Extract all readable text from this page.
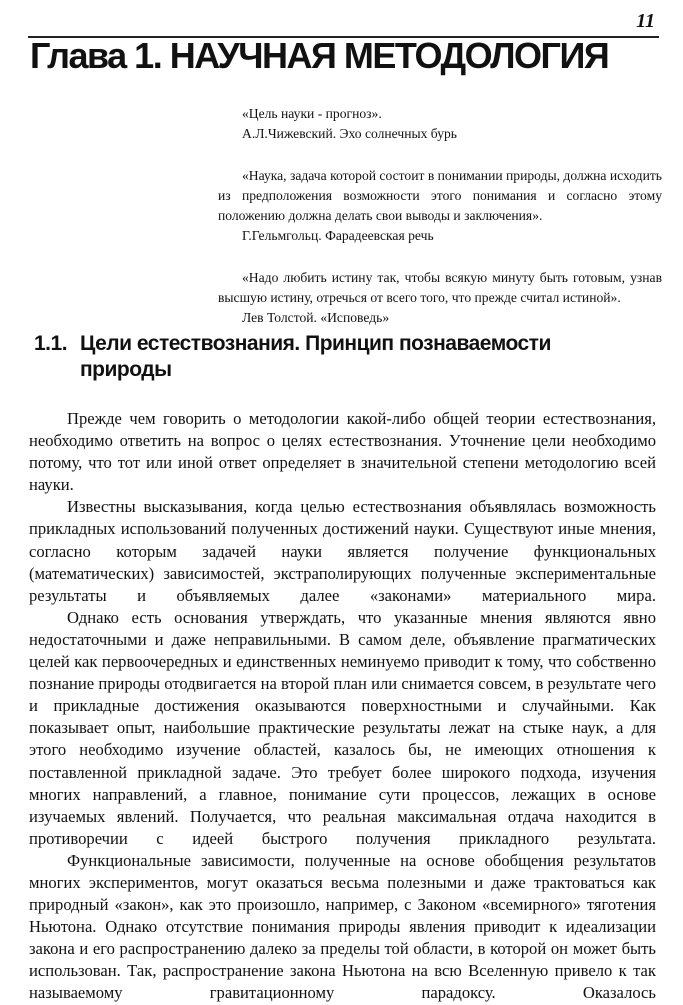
11
Глава 1. НАУЧНАЯ МЕТОДОЛОГИЯ

«Цель науки - прогноз».

А.Л.Чижевский. Эхо солнечных бурь

«Наука, задача которой состоит в понимании природы, должна исходить из предположения возможности этого понимания и согласно этому положению должна делать свои выводы и заключения».

Г.Гельмгольц. Фарадеевская речь

«Надо любить истину так, чтобы всякую минуту быть готовым, узнав высшую истину, отречься от всего того, что прежде считал истиной».

Лев Толстой. «Исповедь»

1.1. Цели естествознания. Принцип познаваемости
природы

Прежде чем говорить о методологии какой-либо общей теории естествознания, необходимо ответить на вопрос о целях естествознания. Уточнение цели необходимо потому, что тот или иной ответ определяет в значительной степени методологию всей науки.

Известны высказывания, когда целью естествознания объявлялась возможность прикладных использований полученных достижений науки. Существуют иные мнения, согласно которым задачей науки является получение функциональных (математических) зависимостей, экстраполирующих полученные экспериментальные результаты и объявляемых далее «законами» материального мира.

Однако есть основания утверждать, что указанные мнения являются явно недостаточными и даже неправильными. В самом деле, объявление прагматических целей как первоочередных и единственных неминуемо приводит к тому, что собственно познание природы отодвигается на второй план или снимается совсем, в результате чего и прикладные достижения оказываются поверхностными и случайными. Как показывает опыт, наибольшие практические результаты лежат на стыке наук, а для этого необходимо изучение областей, казалось бы, не имеющих отношения к поставленной прикладной задаче. Это требует более широкого подхода, изучения многих направлений, а главное, понимание сути процессов, лежащих в основе изучаемых явлений. Получается, что реальная максимальная отдача находится в противоречии с идеей быстрого получения прикладного результата.

Функциональные зависимости, полученные на основе обобщения результатов многих экспериментов, могут оказаться весьма полезными и даже трактоваться как природный «закон», как это произошло, например, с Законом «всемирного» тяготения Ньютона. Однако отсутствие понимания природы явления приводит к идеализации закона и его распространению далеко за пределы той области, в которой он может быть использован. Так, распространение закона Ньютона на всю Вселенную привело к так называемому гравитационному парадоксу. Оказалось
